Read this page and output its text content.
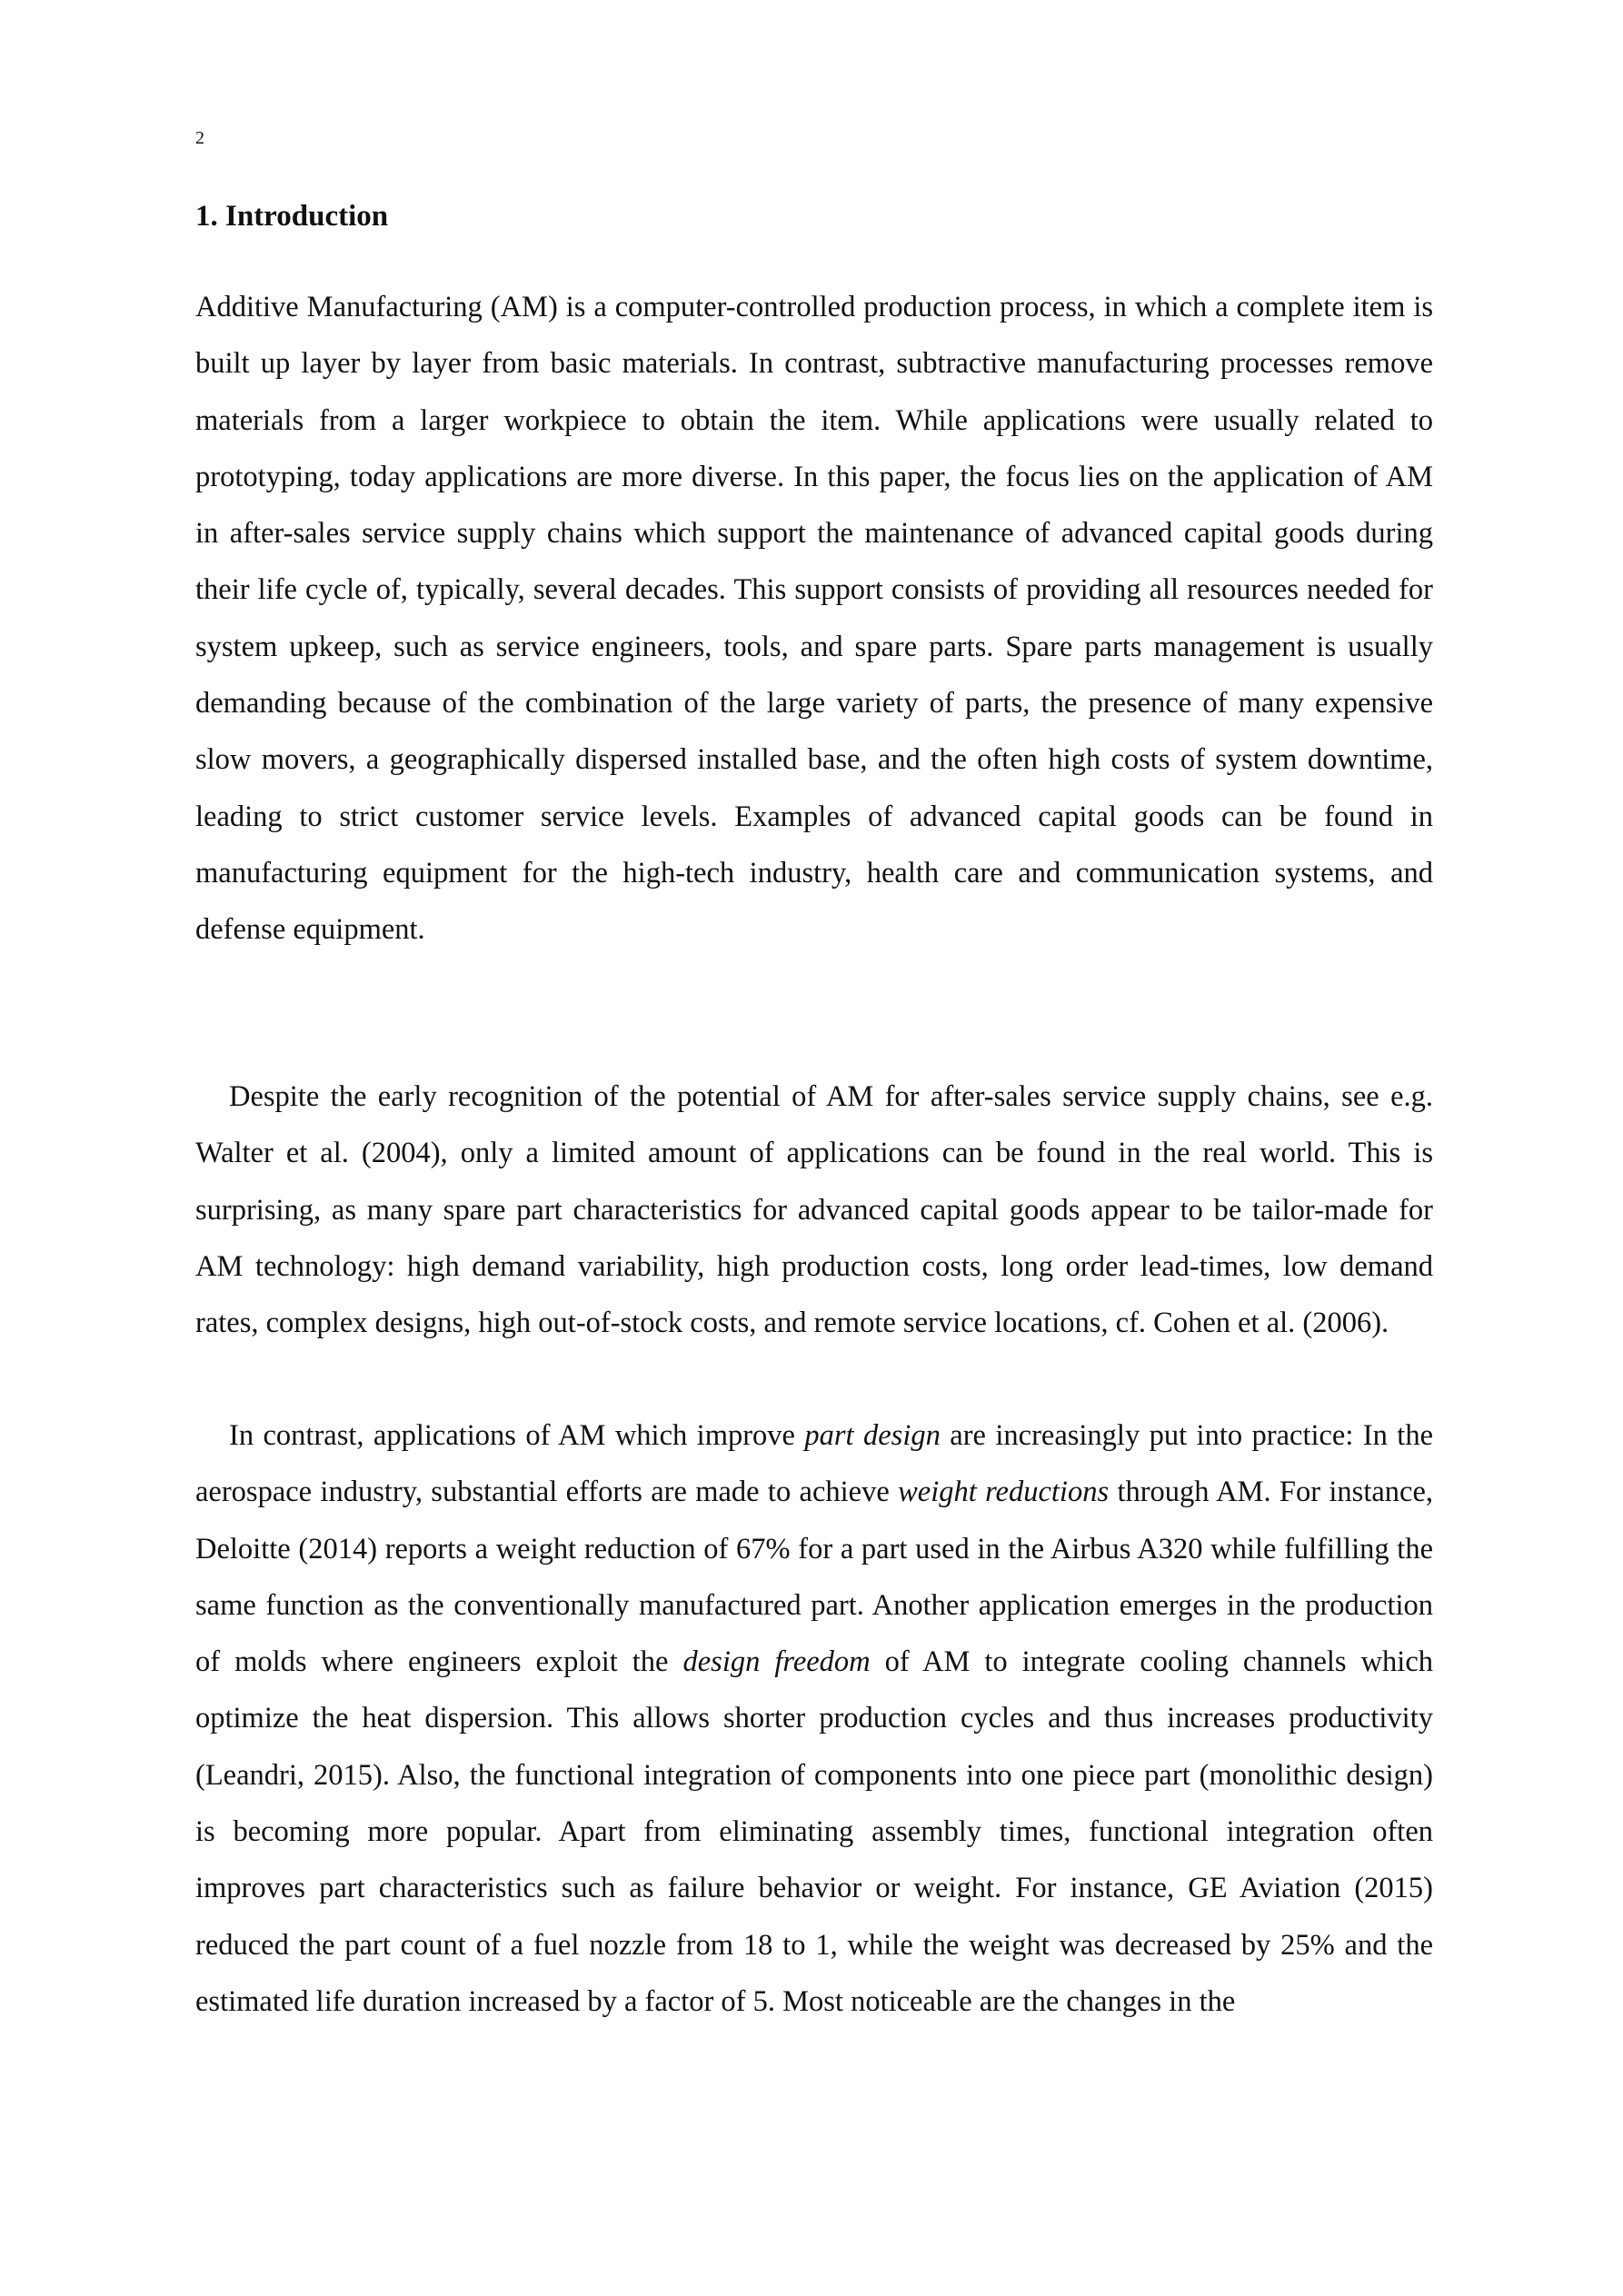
2
1. Introduction

Additive Manufacturing (AM) is a computer-controlled production process, in which a complete item is built up layer by layer from basic materials. In contrast, subtractive manufacturing processes remove materials from a larger workpiece to obtain the item. While applications were usually related to prototyping, today applications are more diverse. In this paper, the focus lies on the application of AM in after-sales service supply chains which support the maintenance of advanced capital goods during their life cycle of, typically, several decades. This support consists of providing all resources needed for system upkeep, such as service engineers, tools, and spare parts. Spare parts management is usually demanding because of the combination of the large variety of parts, the presence of many expensive slow movers, a geographically dispersed installed base, and the often high costs of system downtime, leading to strict customer service levels. Examples of advanced capital goods can be found in manufacturing equipment for the high-tech industry, health care and communication systems, and defense equipment.

Despite the early recognition of the potential of AM for after-sales service supply chains, see e.g. Walter et al. (2004), only a limited amount of applications can be found in the real world. This is surprising, as many spare part characteristics for advanced capital goods appear to be tailor-made for AM technology: high demand variability, high production costs, long order lead-times, low demand rates, complex designs, high out-of-stock costs, and remote service locations, cf. Cohen et al. (2006).

In contrast, applications of AM which improve part design are increasingly put into practice: In the aerospace industry, substantial efforts are made to achieve weight reductions through AM. For instance, Deloitte (2014) reports a weight reduction of 67% for a part used in the Airbus A320 while fulfilling the same function as the conventionally manufactured part. Another application emerges in the production of molds where engineers exploit the design freedom of AM to integrate cooling channels which optimize the heat dispersion. This allows shorter production cycles and thus increases productivity (Leandri, 2015). Also, the functional integration of components into one piece part (monolithic design) is becoming more popular. Apart from eliminating assembly times, functional integration often improves part characteristics such as failure behavior or weight. For instance, GE Aviation (2015) reduced the part count of a fuel nozzle from 18 to 1, while the weight was decreased by 25% and the estimated life duration increased by a factor of 5. Most noticeable are the changes in the
